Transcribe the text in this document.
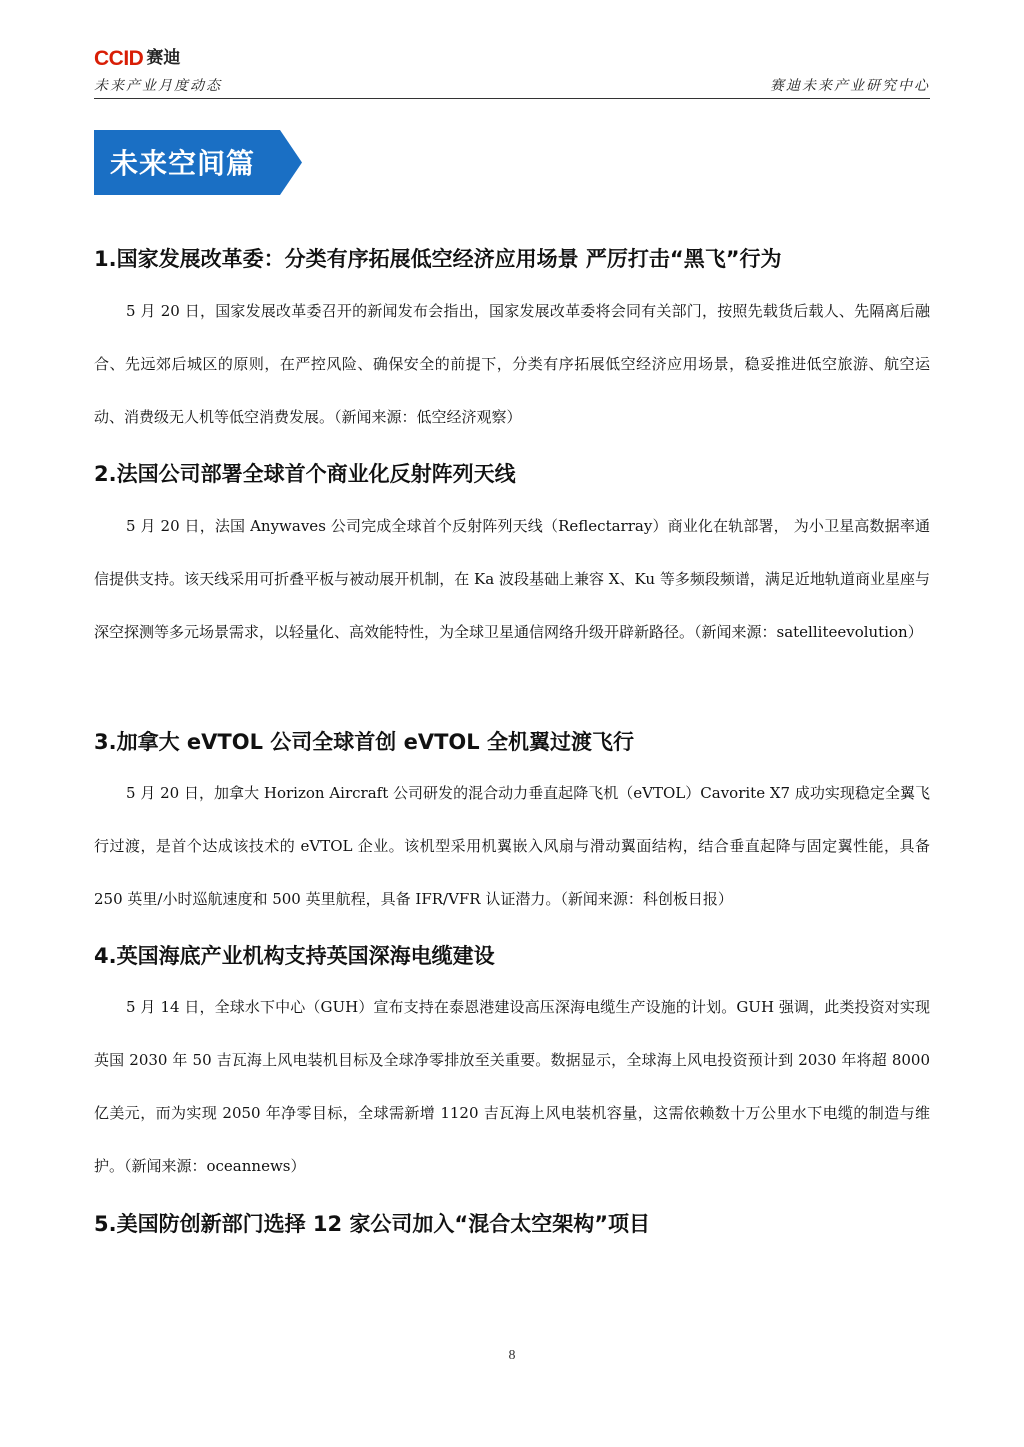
CCID 赛迪
未来产业月度动态	赛迪未来产业研究中心
未来空间篇
1.国家发展改革委：分类有序拓展低空经济应用场景 严厉打击“黑飞”行为

5 月 20 日，国家发展改革委召开的新闻发布会指出，国家发展改革委将会同有关部门，按照先载货后载人、先隔离后融合、先远郊后城区的原则，在严控风险、确保安全的前提下，分类有序拓展低空经济应用场景，稳妥推进低空旅游、航空运动、消费级无人机等低空消费发展。（新闻来源：低空经济观察）

2.法国公司部署全球首个商业化反射阵列天线

5 月 20 日，法国 Anywaves 公司完成全球首个反射阵列天线（Reflectarray）商业化在轨部署， 为小卫星高数据率通信提供支持。该天线采用可折叠平板与被动展开机制，在 Ka 波段基础上兼容 X、Ku 等多频段频谱，满足近地轨道商业星座与深空探测等多元场景需求，以轻量化、高效能特性，为全球卫星通信网络升级开辟新路径。（新闻来源：satelliteevolution）

3.加拿大 eVTOL 公司全球首创 eVTOL 全机翼过渡飞行

5 月 20 日，加拿大 Horizon Aircraft 公司研发的混合动力垂直起降飞机（eVTOL）Cavorite X7 成功实现稳定全翼飞行过渡，是首个达成该技术的 eVTOL 企业。该机型采用机翼嵌入风扇与滑动翼面结构，结合垂直起降与固定翼性能，具备 250 英里/小时巡航速度和 500 英里航程，具备 IFR/VFR 认证潜力。（新闻来源：科创板日报）

4.英国海底产业机构支持英国深海电缆建设

5 月 14 日，全球水下中心（GUH）宣布支持在泰恩港建设高压深海电缆生产设施的计划。GUH 强调，此类投资对实现英国 2030 年 50 吉瓦海上风电装机目标及全球净零排放至关重要。数据显示，全球海上风电投资预计到 2030 年将超 8000 亿美元，而为实现 2050 年净零目标，全球需新增 1120 吉瓦海上风电装机容量，这需依赖数十万公里水下电缆的制造与维护。（新闻来源：oceannews）

5.美国防创新部门选择 12 家公司加入“混合太空架构”项目
8
